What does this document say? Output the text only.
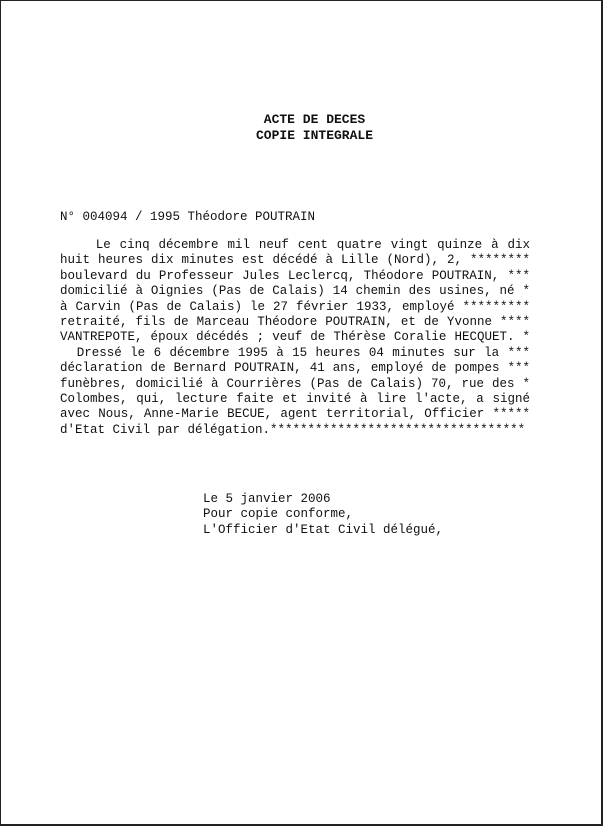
ACTE DE DECES
COPIE INTEGRALE

N° 004094 / 1995 Théodore POUTRAIN

Le cinq décembre mil neuf cent quatre vingt quinze à dix
huit heures dix minutes est décédé à Lille (Nord), 2, ********
boulevard du Professeur Jules Leclercq, Théodore POUTRAIN, ***
domicilié à Oignies (Pas de Calais) 14 chemin des usines, né *
à Carvin (Pas de Calais) le 27 février 1933, employé *********
retraité, fils de Marceau Théodore POUTRAIN, et de Yvonne ****
VANTREPOTE, époux décédés ; veuf de Thérèse Coralie HECQUET. *
Dressé le 6 décembre 1995 à 15 heures 04 minutes sur la ***
déclaration de Bernard POUTRAIN, 41 ans, employé de pompes ***
funèbres, domicilié à Courrières (Pas de Calais) 70, rue des *
Colombes, qui, lecture faite et invité à lire l'acte, a signé
avec Nous, Anne-Marie BECUE, agent territorial, Officier *****
d'Etat Civil par délégation.**********************************
Le 5 janvier 2006
Pour copie conforme,
L'Officier d'Etat Civil délégué,
